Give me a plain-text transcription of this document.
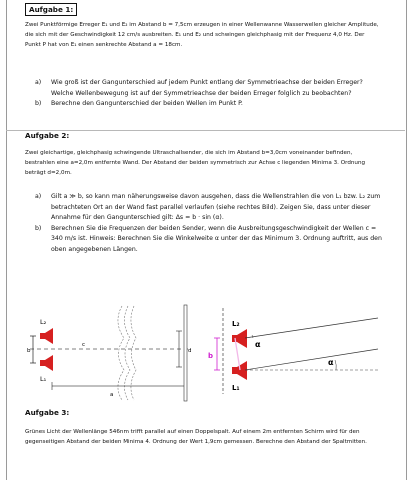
Aufgabe 1:
Zwei Punktförmige Erreger E₁ und E₂ im Abstand b = 7,5cm erzeugen in einer Wellenwanne Wasserwellen gleicher Amplitude, die sich mit der Geschwindigkeit 12 cm/s ausbreiten. E₁ und E₂ und schwingen gleichphasig mit der Frequenz 4,0 Hz. Der Punkt P hat von E₁ einen senkrechte Abstand a = 18cm.
a)	Wie groß ist der Gangunterschied auf jedem Punkt entlang der Symmetrieachse der beiden Erreger? Welche Wellenbewegung ist auf der Symmetrieachse der beiden Erreger folglich zu beobachten?
b)	Berechne den Gangunterschied der beiden Wellen im Punkt P.
Aufgabe 2:
Zwei gleichartige, gleichphasig schwingende Ultraschallsender, die sich im Abstand b=3,0cm voneinander befinden, bestrahlen eine a=2,0m entfernte Wand. Der Abstand der beiden symmetrisch zur Achse c liegenden Minima 3. Ordnung beträgt d=2,0m.
a)	Gilt a ≫ b, so kann man näherungsweise davon ausgehen, dass die Wellenstrahlen die von L₁ bzw. L₂ zum betrachteten Ort an der Wand fast parallel verlaufen (siehe rechtes Bild). Zeigen Sie, dass unter dieser Annahme für den Gangunterschied gilt: Δs = b · sin (α).
b)	Berechnen Sie die Frequenzen der beiden Sender, wenn die Ausbreitungsgeschwindigkeit der Wellen c = 340 m/s ist. Hinweis: Berechnen Sie die Winkelweite α unter der das Minimum 3. Ordnung auftritt, aus den oben angegebenen Längen.
L₂
L₁
b
c
a
d
L₂
L₁
b
α
α
Aufgabe 3:
Grünes Licht der Wellenlänge 546nm trifft parallel auf einen Doppelspalt. Auf einem 2m entfernten Schirm wird für den gegenseitigen Abstand der beiden Minima 4. Ordnung der Wert 1,9cm gemessen. Berechne den Abstand der Spaltmitten.
